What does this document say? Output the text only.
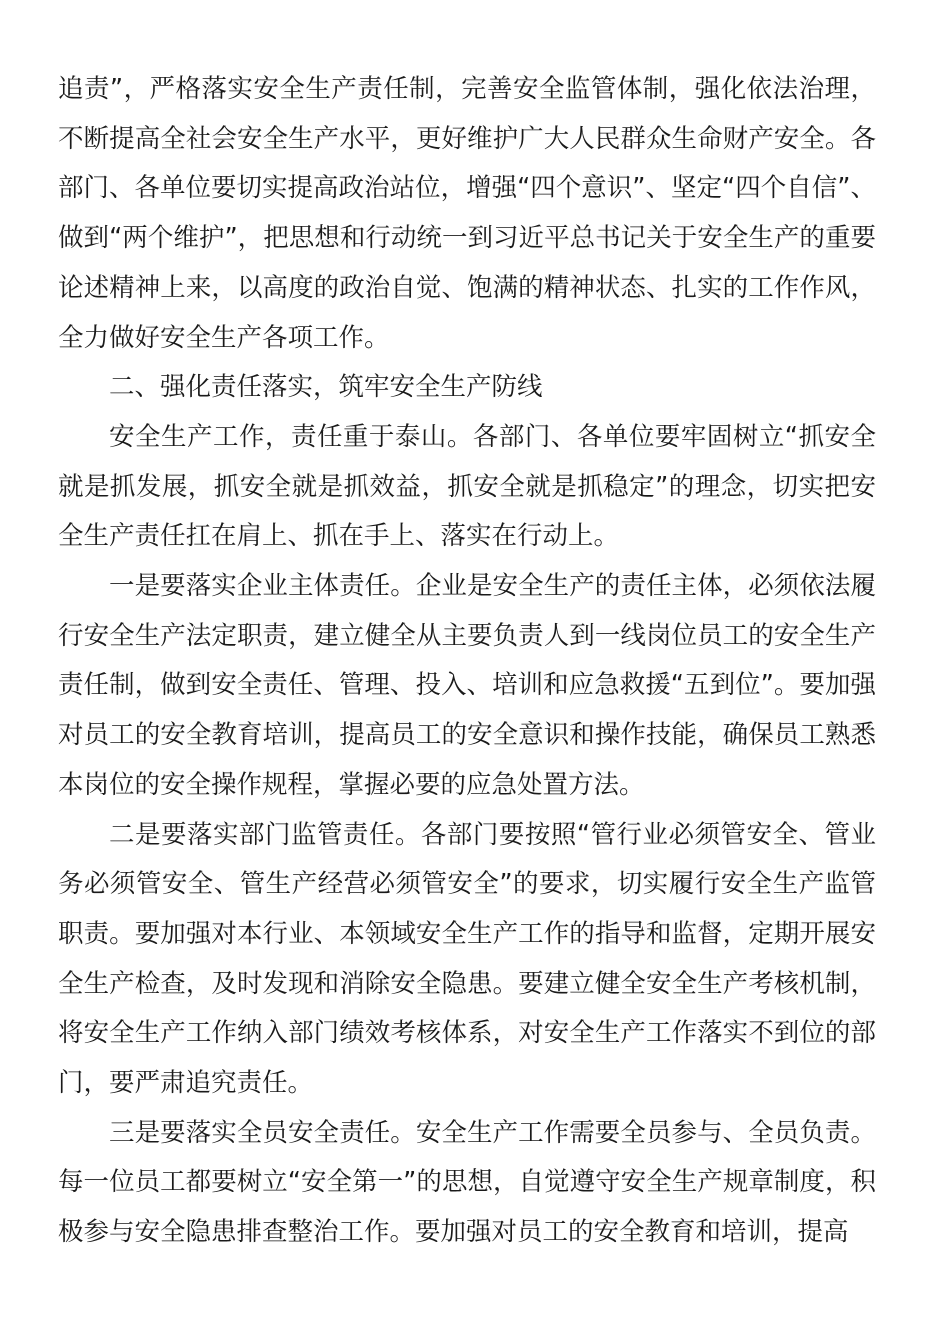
追责”，严格落实安全生产责任制，完善安全监管体制，强化依法治理，不断提高全社会安全生产水平，更好维护广大人民群众生命财产安全。各部门、各单位要切实提高政治站位，增强“四个意识”、坚定“四个自信”、做到“两个维护”，把思想和行动统一到习近平总书记关于安全生产的重要论述精神上来，以高度的政治自觉、饱满的精神状态、扎实的工作作风，全力做好安全生产各项工作。

二、强化责任落实，筑牢安全生产防线

安全生产工作，责任重于泰山。各部门、各单位要牢固树立“抓安全就是抓发展，抓安全就是抓效益，抓安全就是抓稳定”的理念，切实把安全生产责任扛在肩上、抓在手上、落实在行动上。

一是要落实企业主体责任。企业是安全生产的责任主体，必须依法履行安全生产法定职责，建立健全从主要负责人到一线岗位员工的安全生产责任制，做到安全责任、管理、投入、培训和应急救援“五到位”。要加强对员工的安全教育培训，提高员工的安全意识和操作技能，确保员工熟悉本岗位的安全操作规程，掌握必要的应急处置方法。

二是要落实部门监管责任。各部门要按照“管行业必须管安全、管业务必须管安全、管生产经营必须管安全”的要求，切实履行安全生产监管职责。要加强对本行业、本领域安全生产工作的指导和监督，定期开展安全生产检查，及时发现和消除安全隐患。要建立健全安全生产考核机制，将安全生产工作纳入部门绩效考核体系，对安全生产工作落实不到位的部门，要严肃追究责任。

三是要落实全员安全责任。安全生产工作需要全员参与、全员负责。每一位员工都要树立“安全第一”的思想，自觉遵守安全生产规章制度，积极参与安全隐患排查整治工作。要加强对员工的安全教育和培训，提高
